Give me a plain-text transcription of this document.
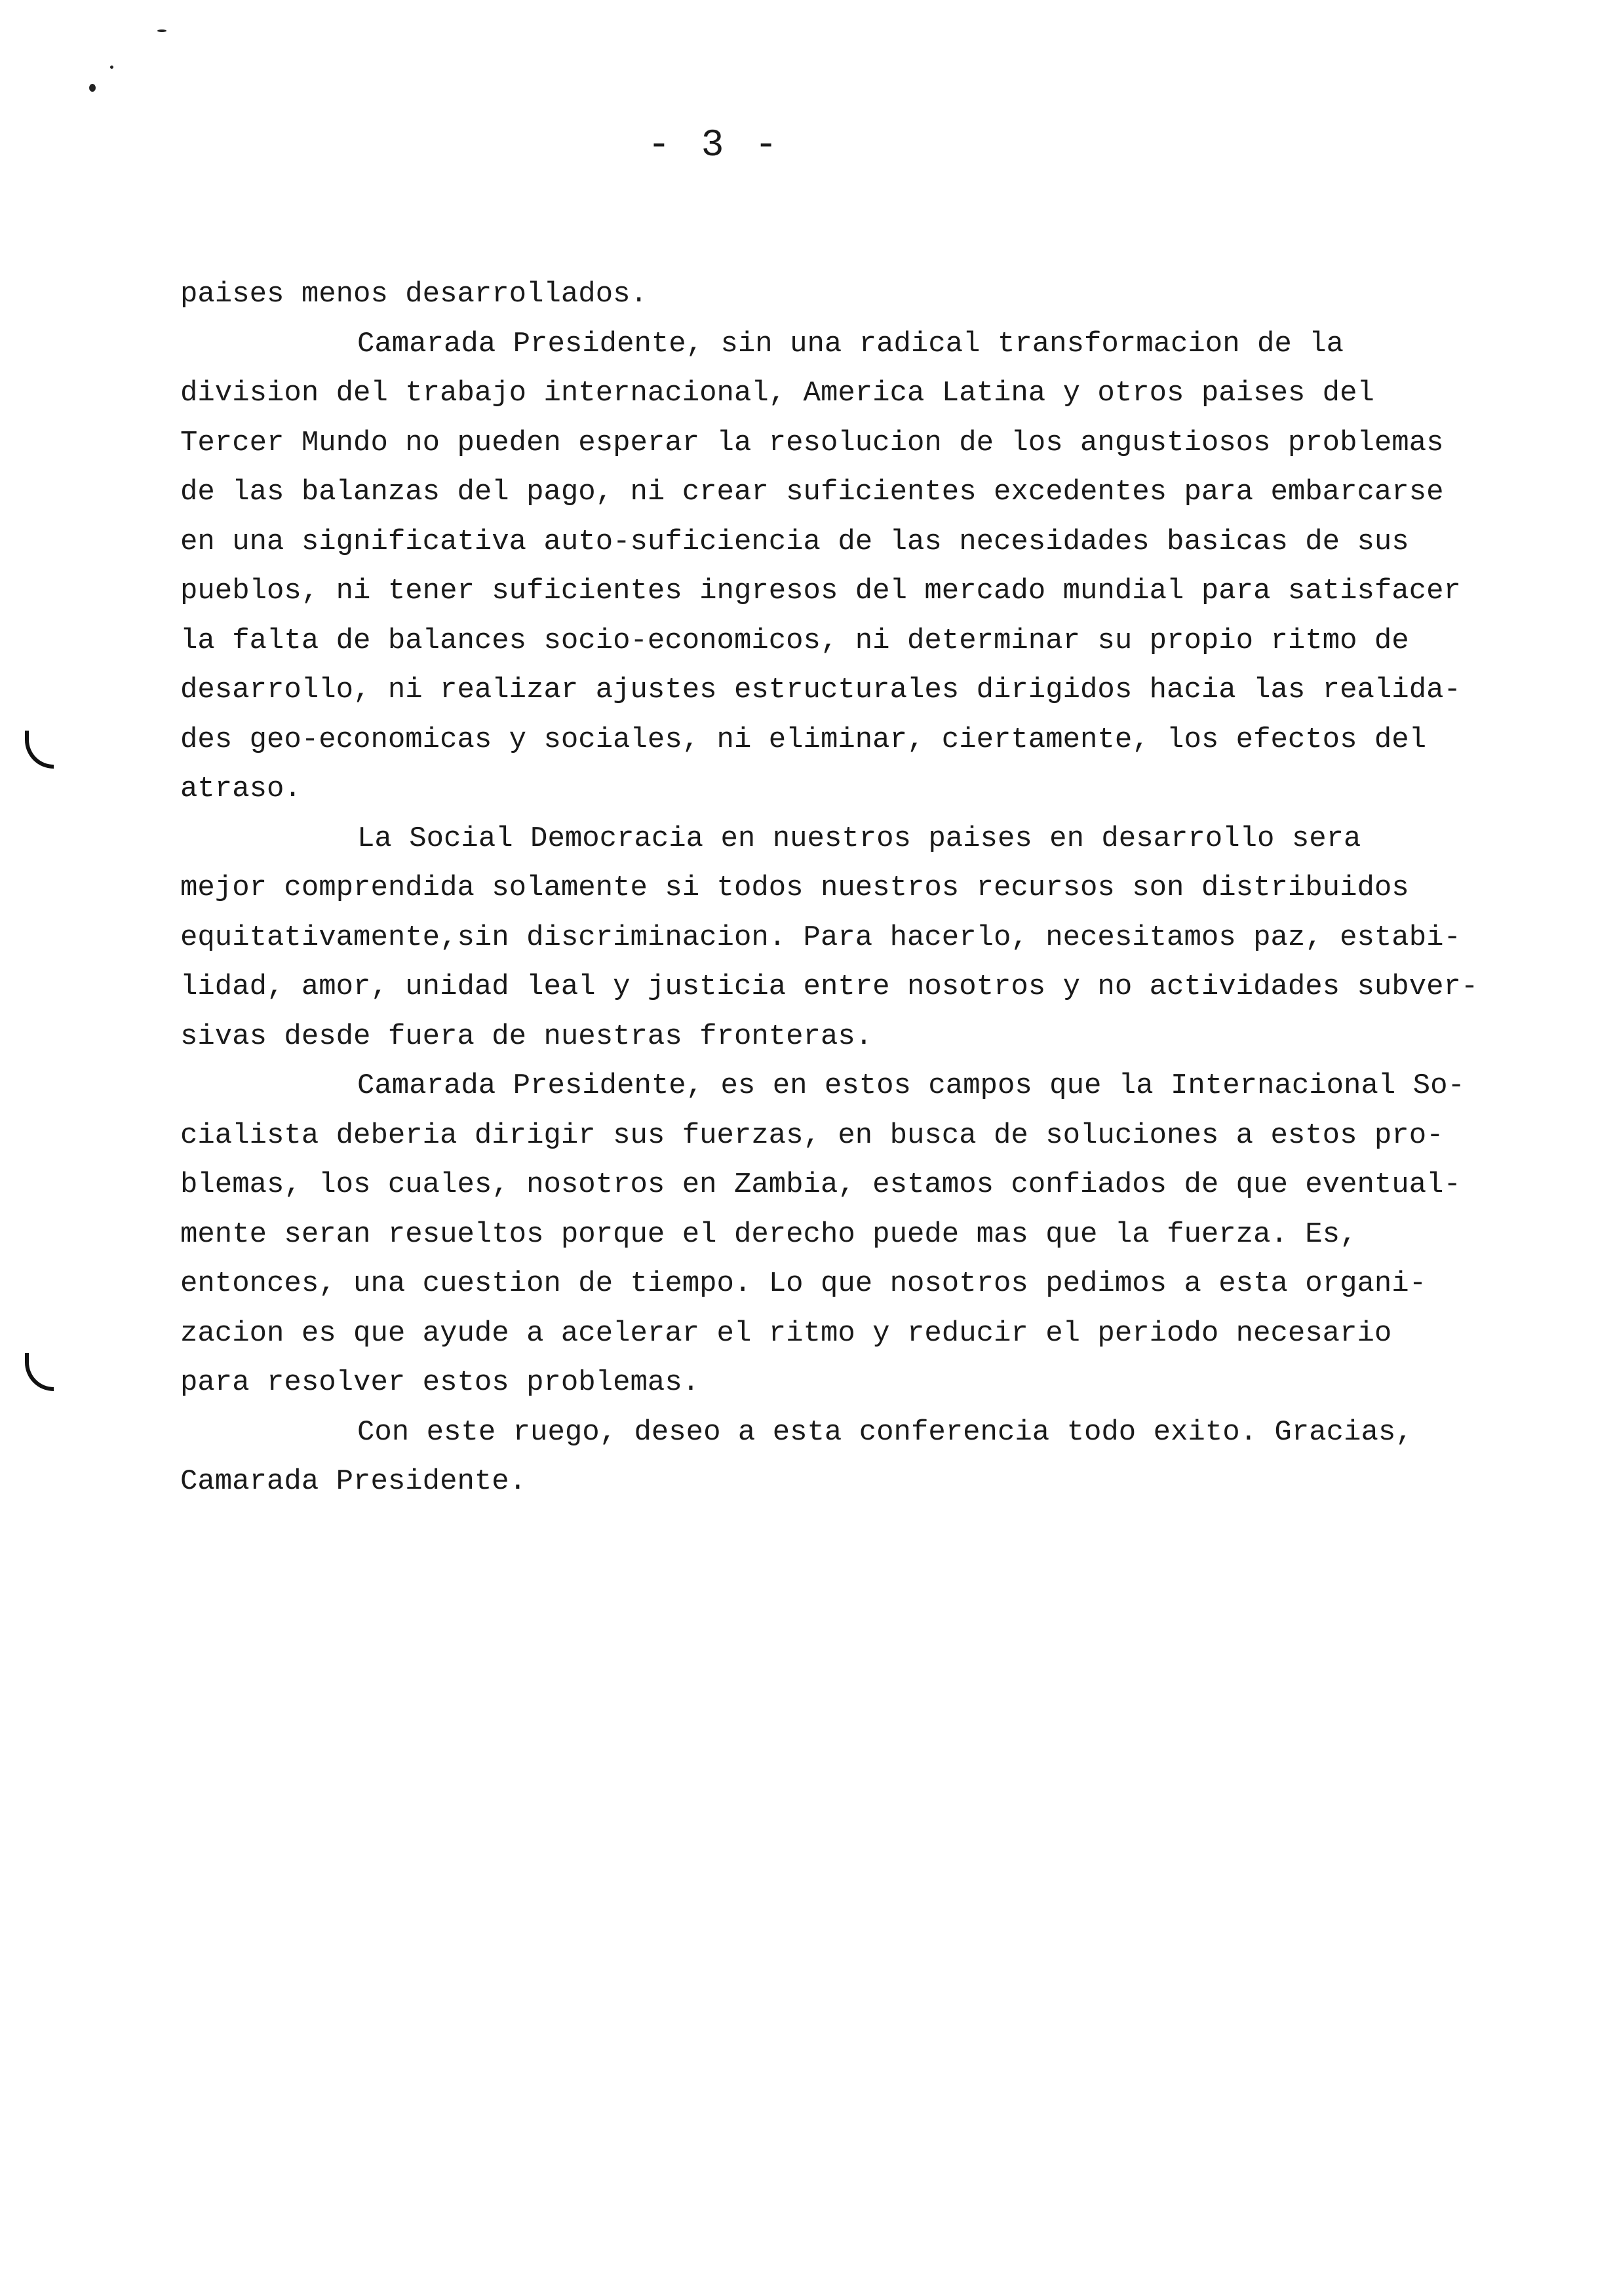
- 3 -
paises menos desarrollados.
Camarada Presidente, sin una radical transformacion de la
division del trabajo internacional, America Latina y otros paises del
Tercer Mundo no pueden esperar la resolucion de los angustiosos problemas
de las balanzas del pago, ni crear suficientes excedentes para embarcarse
en una significativa auto-suficiencia de las necesidades basicas de sus
pueblos, ni tener suficientes ingresos del mercado mundial para satisfacer
la falta de balances socio-economicos, ni determinar su propio ritmo de
desarrollo, ni realizar ajustes estructurales dirigidos hacia las realida-
des geo-economicas y sociales, ni eliminar, ciertamente, los efectos del
atraso.
La Social Democracia en nuestros paises en desarrollo sera
mejor comprendida solamente si todos nuestros recursos son distribuidos
equitativamente,sin discriminacion. Para hacerlo, necesitamos paz, estabi-
lidad, amor, unidad leal y justicia entre nosotros y no actividades subver-
sivas desde fuera de nuestras fronteras.
Camarada Presidente, es en estos campos que la Internacional So-
cialista deberia dirigir sus fuerzas, en busca de soluciones a estos pro-
blemas, los cuales, nosotros en Zambia, estamos confiados de que eventual-
mente seran resueltos porque el derecho puede mas que la fuerza. Es,
entonces, una cuestion de tiempo. Lo que nosotros pedimos a esta organi-
zacion es que ayude a acelerar el ritmo y reducir el periodo necesario
para resolver estos problemas.
Con este ruego, deseo a esta conferencia todo exito. Gracias,
Camarada Presidente.
